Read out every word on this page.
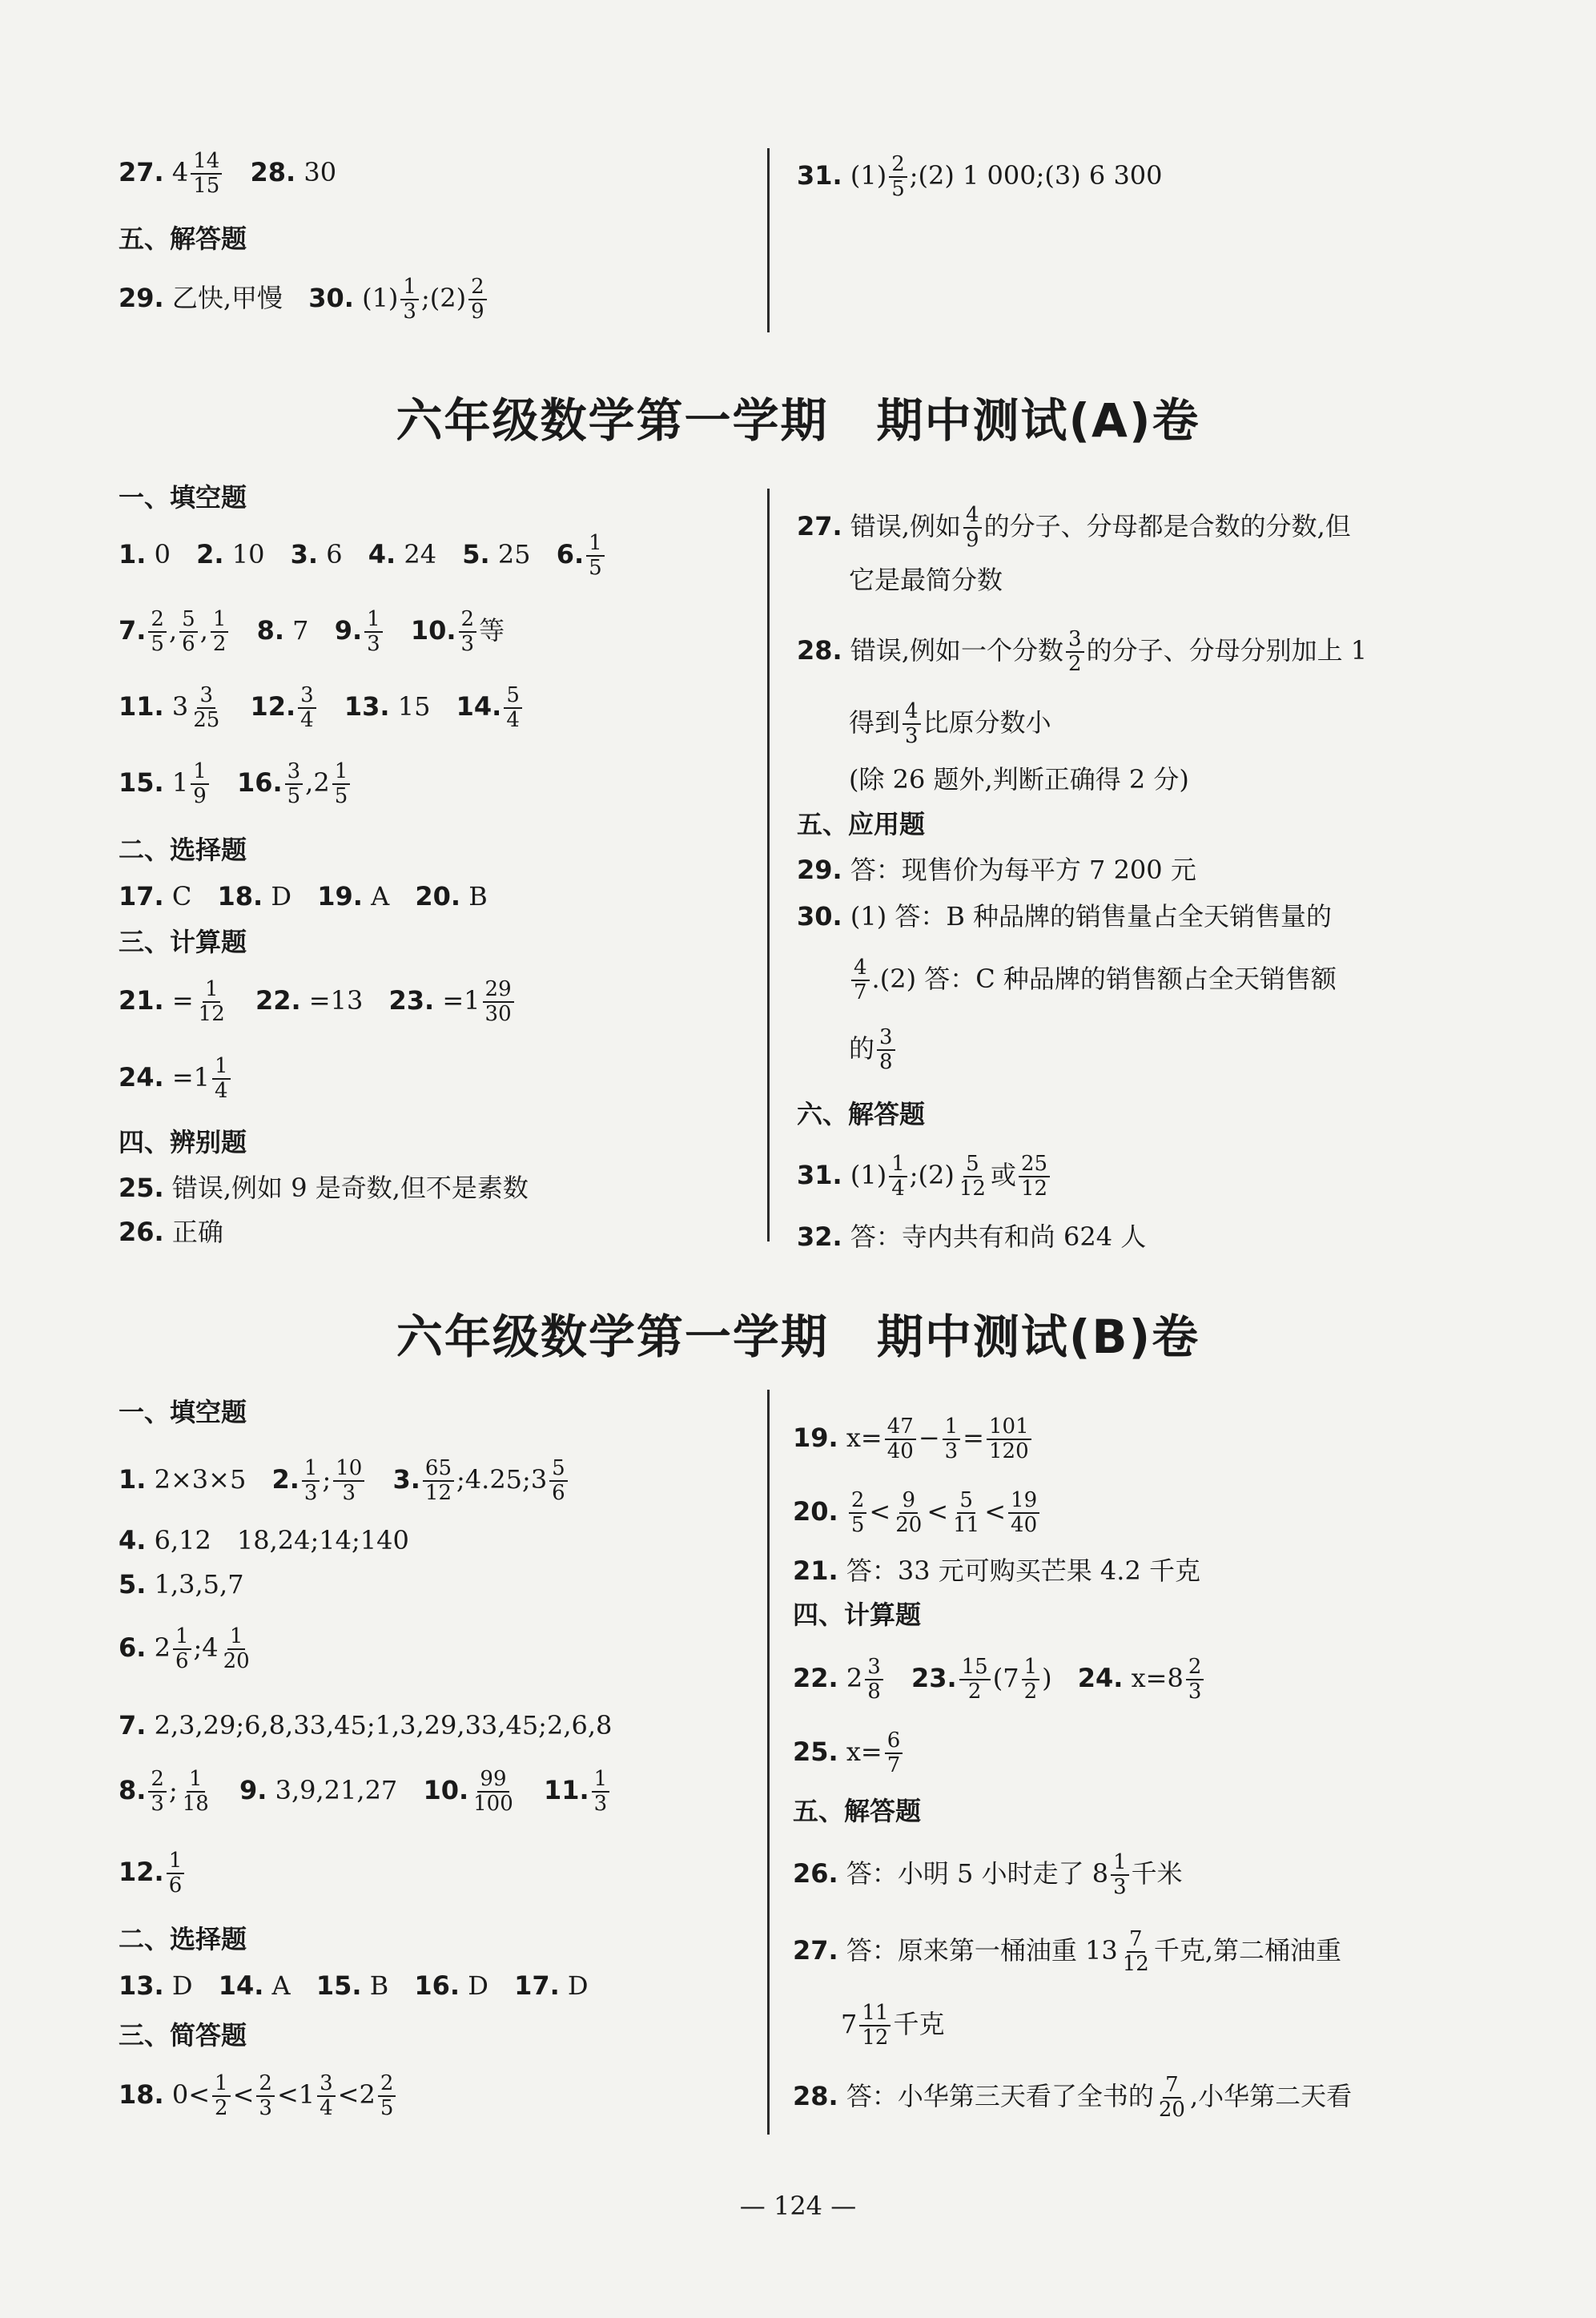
27. $4 \frac{14}{15} 28$. 30
五、解答题
29. 乙快,甲慢 30. $(1) \frac{1}{3}$ ;(2) $\frac{2}{9}$
31. $(1) \frac{2}{5}$ ;(2) 1 000;(3) 6 300
六年级数学第一学期　期中测试(A)卷
一、填空题
1. 0 2. 10 3. 6 4. 24 5. 25 6. $\frac{1}{5}$
7. $\frac{2}{5}$ , $\frac{5}{6}$ , $\frac{1}{2} 8$. 7 9. $\frac{1}{3} 10$. $\frac{2}{3}$ 等
11. $3 \frac{3}{25} 12$. $\frac{3}{4} 13$. 15 14. $\frac{5}{4}$
15. $1 \frac{1}{9} 16$. $\frac{3}{5} ,2 \frac{1}{5}$
二、选择题
17. C 18. D 19. A 20. B
三、计算题
21. = $\frac{1}{12} 22$. =13 23. $=1 \frac{29}{30}$
24. $=1 \frac{1}{4}$
四、辨别题
25. 错误,例如 9 是奇数,但不是素数
26. 正确
27. 错误,例如 $\frac{4}{9}$ 的分子、分母都是合数的分数,但
它是最简分数
28. 错误,例如一个分数 $\frac{3}{2}$ 的分子、分母分别加上 1
得到 $\frac{4}{3}$ 比原分数小
(除 26 题外,判断正确得 2 分)
五、应用题
29. 答：现售价为每平方 7 200 元
30. (1) 答：B 种品牌的销售量占全天销售量的
$\frac{4}{7} .(2)$ 答：C 种品牌的销售额占全天销售额
的 $\frac{3}{8}$
六、解答题
31. $(1) \frac{1}{4}$ ;(2) $\frac{5}{12}$ 或 $\frac{25}{12}$
32. 答：寺内共有和尚 624 人
六年级数学第一学期　期中测试(B)卷
一、填空题
1. 2×3×5 2. $\frac{1}{3}$ ; $\frac{10}{3} 3$. $\frac{65}{12}$ ;4.25;3 $\frac{5}{6}$
4. 6,12　18,24;14;140
5. 1,3,5,7
6. $2 \frac{1}{6}$ ;4 $\frac{1}{20}$
7. 2,3,29;6,8,33,45;1,3,29,33,45;2,6,8
8. $\frac{2}{3}$ ; $\frac{1}{18} 9$. 3,9,21,27 10. $\frac{99}{100} 11$. $\frac{1}{3}$
12. $\frac{1}{6}$
二、选择题
13. D 14. A 15. B 16. D 17. D
三、简答题
18. $0< \frac{1}{2} < \frac{2}{3} <1 \frac{3}{4} <2 \frac{2}{5}$
19. $x= \frac{47}{40} - \frac{1}{3} = \frac{101}{120}$
20. $\frac{2}{5} < \frac{9}{20} < \frac{5}{11} < \frac{19}{40}$
21. 答：33 元可购买芒果 4.2 千克
四、计算题
22. $2 \frac{3}{8} 23$. $\frac{15}{2} (7 \frac{1}{2}$ ) 24. $x=8 \frac{2}{3}$
25. $x= \frac{6}{7}$
五、解答题
26. 答：小明 5 小时走了 $8 \frac{1}{3}$ 千米
27. 答：原来第一桶油重 $13 \frac{7}{12}$ 千克,第二桶油重
$7 \frac{11}{12}$ 千克
28. 答：小华第三天看了全书的 $\frac{7}{20}$ ,小华第二天看
— 124 —
